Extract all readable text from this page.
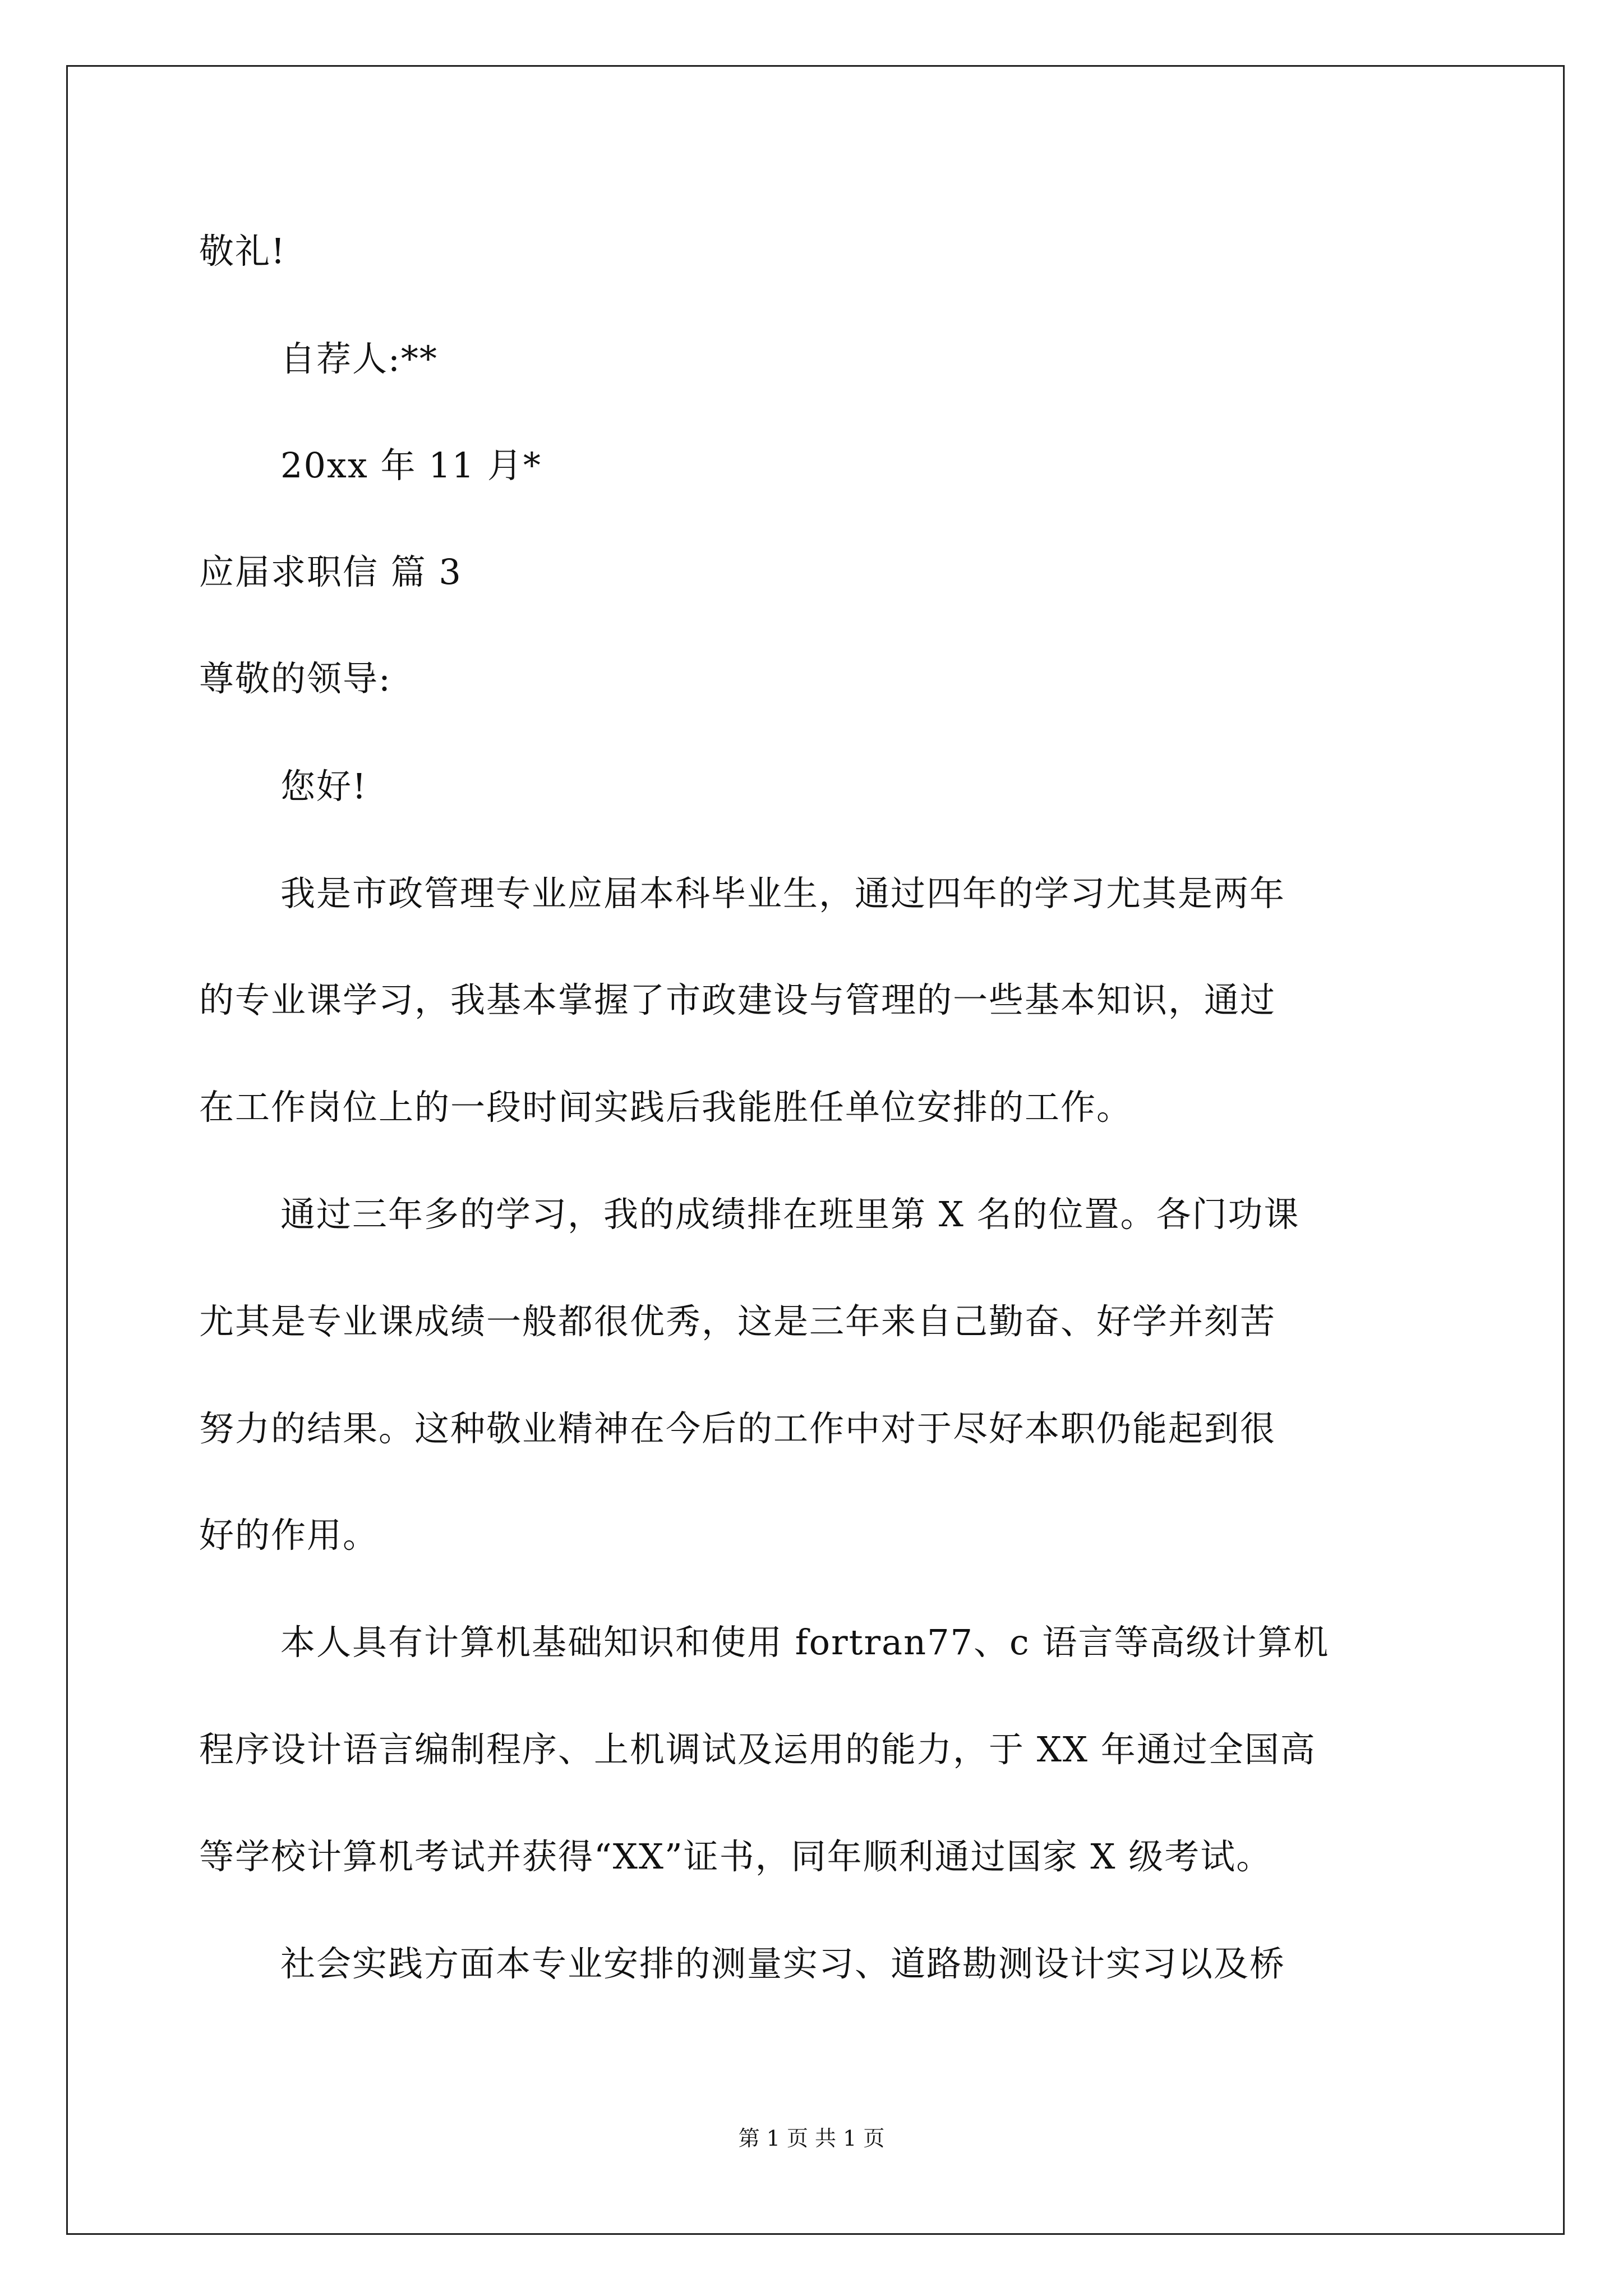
敬礼!
自荐人:**
20xx 年 11 月*
应届求职信 篇 3
尊敬的领导:
您好!
我是市政管理专业应届本科毕业生，通过四年的学习尤其是两年
的专业课学习，我基本掌握了市政建设与管理的一些基本知识，通过
在工作岗位上的一段时间实践后我能胜任单位安排的工作。
通过三年多的学习，我的成绩排在班里第 X 名的位置。各门功课
尤其是专业课成绩一般都很优秀，这是三年来自己勤奋、好学并刻苦
努力的结果。这种敬业精神在今后的工作中对于尽好本职仍能起到很
好的作用。
本人具有计算机基础知识和使用 fortran77、c 语言等高级计算机
程序设计语言编制程序、上机调试及运用的能力，于 XX 年通过全国高
等学校计算机考试并获得“XX”证书，同年顺利通过国家 X 级考试。
社会实践方面本专业安排的测量实习、道路勘测设计实习以及桥
第 1 页 共 1 页
